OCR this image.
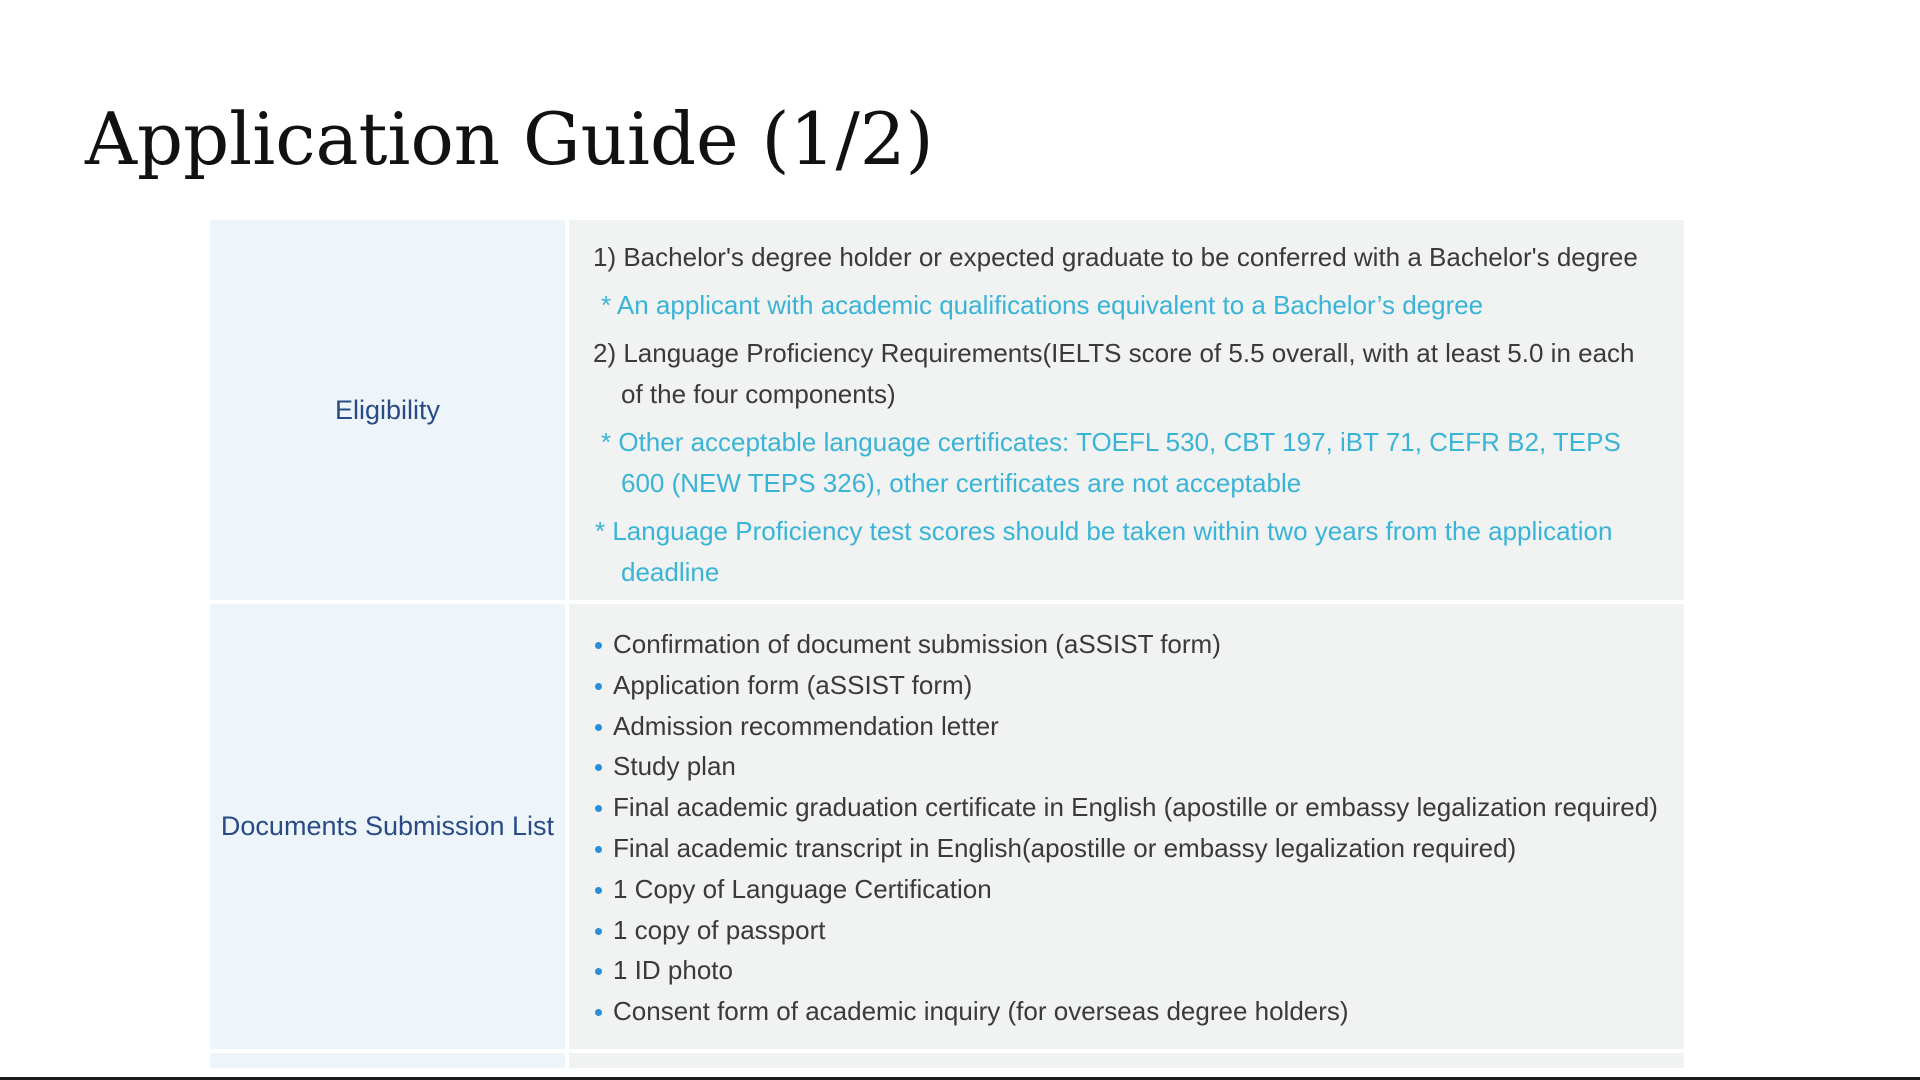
Application Guide (1/2)
Eligibility
1) Bachelor's degree holder or expected graduate to be conferred with a Bachelor's degree
* An applicant with academic qualifications equivalent to a Bachelor’s degree
2) Language Proficiency Requirements(IELTS score of 5.5 overall, with at least 5.0 in each of the four components)
* Other acceptable language certificates: TOEFL 530, CBT 197, iBT 71, CEFR B2, TEPS 600 (NEW TEPS 326), other certificates are not acceptable
* Language Proficiency test scores should be taken within two years from the application deadline
Documents Submission List
Confirmation of document submission (aSSIST form)
Application form (aSSIST form)
Admission recommendation letter
Study plan
Final academic graduation certificate in English (apostille or embassy legalization required)
Final academic transcript in English(apostille or embassy legalization required)
1 Copy of Language Certification
1 copy of passport
1 ID photo
Consent form of academic inquiry (for overseas degree holders)
